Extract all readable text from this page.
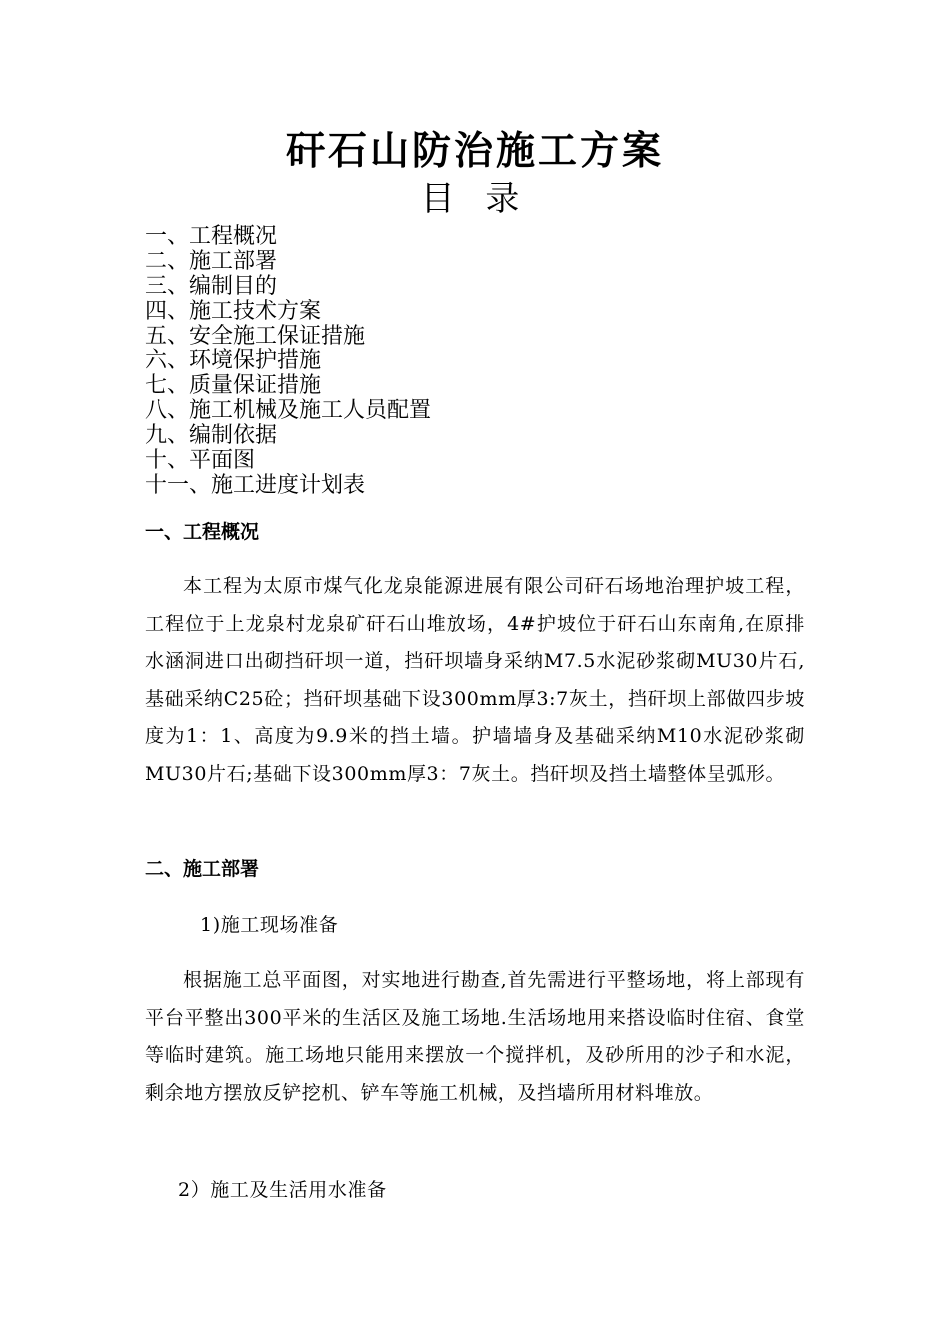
矸石山防治施工方案
目 录
一、工程概况
二、施工部署
三、编制目的
四、施工技术方案
五、安全施工保证措施
六、环境保护措施
七、质量保证措施
八、施工机械及施工人员配置
九、编制依据
十、平面图
十一、施工进度计划表
一、工程概况

本工程为太原市煤气化龙泉能源进展有限公司矸石场地治理护坡工程，工程位于上龙泉村龙泉矿矸石山堆放场，4#护坡位于矸石山东南角,在原排水涵洞进口出砌挡矸坝一道，挡矸坝墙身采纳M7.5水泥砂浆砌MU30片石,基础采纳C25砼；挡矸坝基础下设300mm厚3:7灰土，挡矸坝上部做四步坡度为1：1、高度为9.9米的挡土墙。护墙墙身及基础采纳M10水泥砂浆砌MU30片石;基础下设300mm厚3：7灰土。挡矸坝及挡土墙整体呈弧形。

二、施工部署
1)施工现场准备

根据施工总平面图，对实地进行勘查,首先需进行平整场地，将上部现有平台平整出300平米的生活区及施工场地.生活场地用来搭设临时住宿、食堂等临时建筑。施工场地只能用来摆放一个搅拌机，及砂所用的沙子和水泥，剩余地方摆放反铲挖机、铲车等施工机械，及挡墙所用材料堆放。

2）施工及生活用水准备
